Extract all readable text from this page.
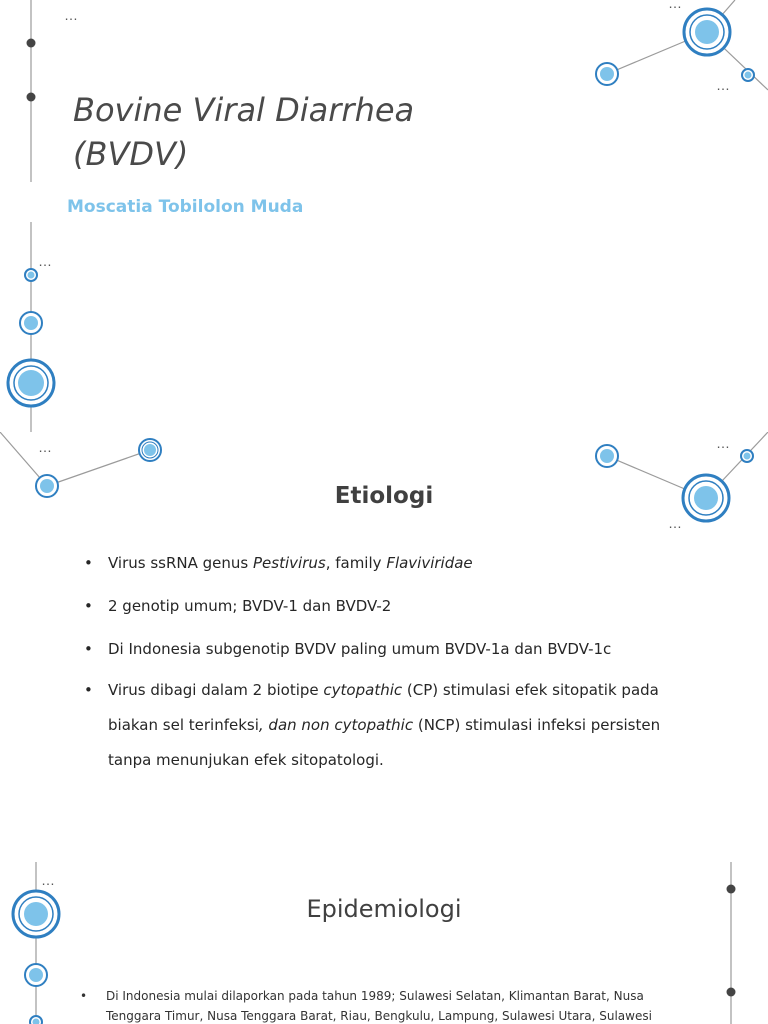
…
…
…
…
Bovine Viral Diarrhea
(BVDV)

Moscatia Tobilolon Muda

…	…
…
Etiologi
• Virus ssRNA genus Pestivirus, family Flaviviridae
• 2 genotip umum; BVDV-1 dan BVDV-2
• Di Indonesia subgenotip BVDV paling umum BVDV-1a dan BVDV-1c
• Virus dibagi dalam 2 biotipe cytopathic (CP) stimulasi efek sitopatik pada biakan sel terinfeksi, dan non cytopathic (NCP) stimulasi infeksi persisten tanpa menunjukan efek sitopatologi.
…
Epidemiologi

• Di Indonesia mulai dilaporkan pada tahun 1989; Sulawesi Selatan, Klimantan Barat, Nusa Tenggara Timur, Nusa Tenggara Barat, Riau, Bengkulu, Lampung, Sulawesi Utara, Sulawesi
